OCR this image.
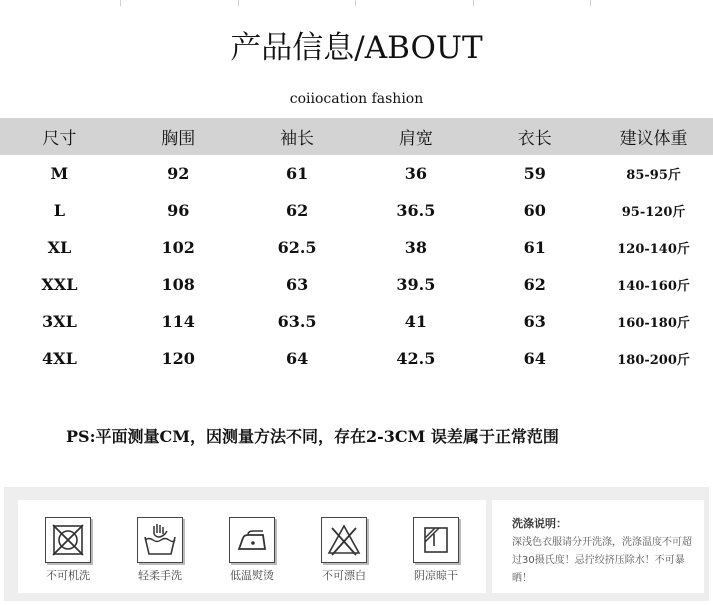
产品信息/ABOUT
coiiocation fashion
尺寸	胸围	袖长	肩宽	衣长	建议体重
M	92	61	36	59	85-95斤
L	96	62	36.5	60	95-120斤
XL	102	62.5	38	61	120-140斤
XXL	108	63	39.5	62	140-160斤
3XL	114	63.5	41	63	160-180斤
4XL	120	64	42.5	64	180-200斤
PS:平面测量CM，因测量方法不同，存在2-3CM 误差属于正常范围
不可机洗	轻柔手洗	低温熨烫	不可漂白	阴凉晾干
洗涤说明：
深浅色衣服请分开洗涤，洗涤温度不可超过30摄氏度！忌拧绞挤压除水！不可暴晒！
